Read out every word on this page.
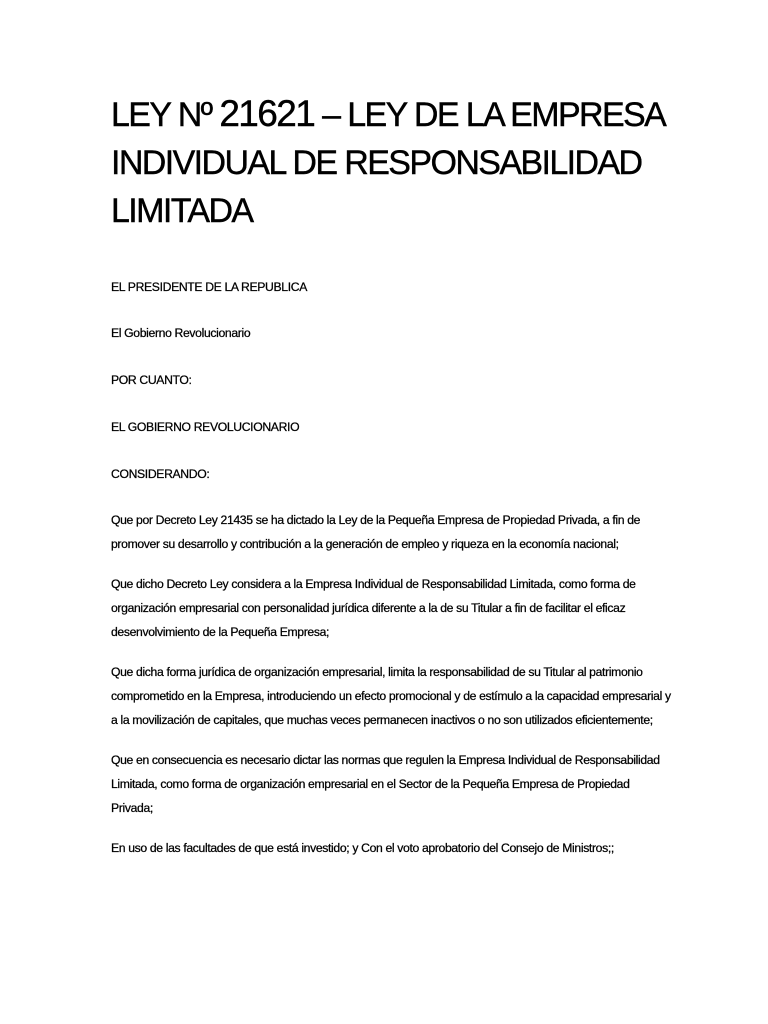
LEY Nº 21621 – LEY DE LA EMPRESA INDIVIDUAL DE RESPONSABILIDAD LIMITADA

EL PRESIDENTE DE LA REPUBLICA

El Gobierno Revolucionario

POR CUANTO:

EL GOBIERNO REVOLUCIONARIO

CONSIDERANDO:

Que por Decreto Ley 21435 se ha dictado la Ley de la Pequeña Empresa de Propiedad Privada, a fin de promover su desarrollo y contribución a la generación de empleo y riqueza en la economía nacional;

Que dicho Decreto Ley considera a la Empresa Individual de Responsabilidad Limitada, como forma de organización empresarial con personalidad jurídica diferente a la de su Titular a fin de facilitar el eficaz desenvolvimiento de la Pequeña Empresa;

Que dicha forma jurídica de organización empresarial, limita la responsabilidad de su Titular al patrimonio comprometido en la Empresa, introduciendo un efecto promocional y de estímulo a la capacidad empresarial y a la movilización de capitales, que muchas veces permanecen inactivos o no son utilizados eficientemente;

Que en consecuencia es necesario dictar las normas que regulen la Empresa Individual de Responsabilidad Limitada, como forma de organización empresarial en el Sector de la Pequeña Empresa de Propiedad Privada;

En uso de las facultades de que está investido; y Con el voto aprobatorio del Consejo de Ministros;;
